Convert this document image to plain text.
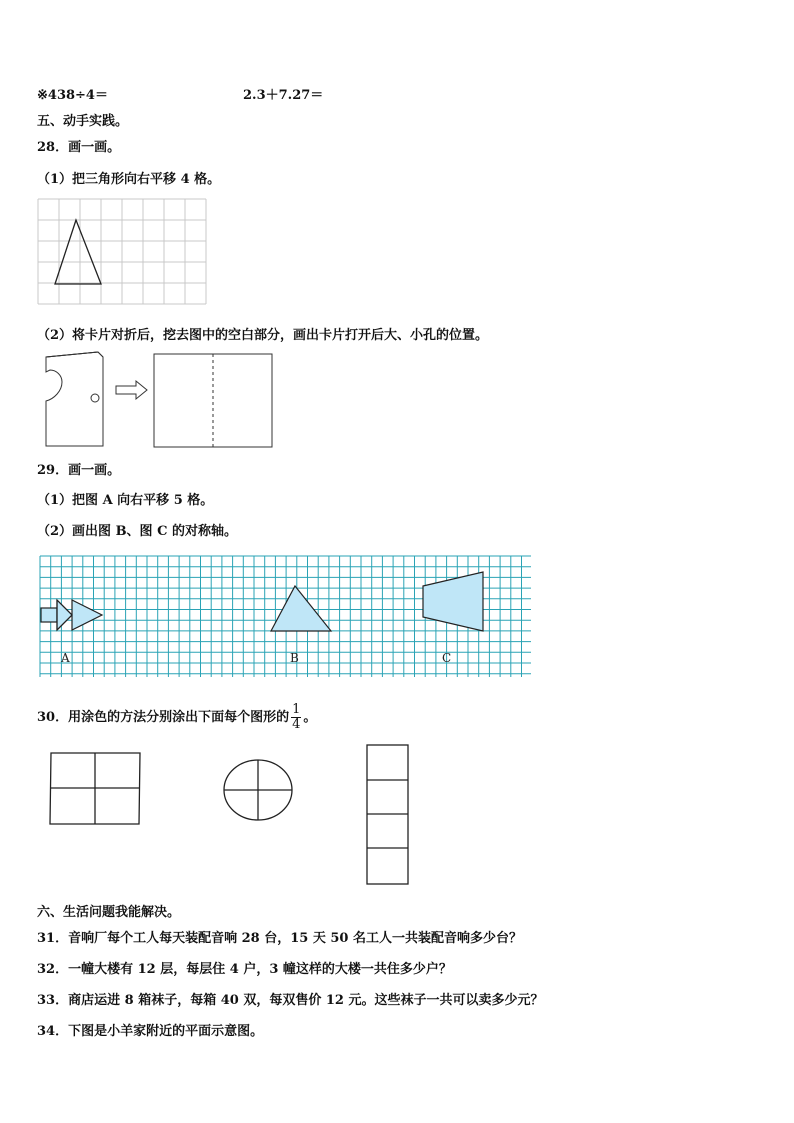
※438÷4＝	2.3＋7.27＝
五、动手实践。
28．画一画。
（1）把三角形向右平移 4 格。
（2）将卡片对折后，挖去图中的空白部分，画出卡片打开后大、小孔的位置。
29．画一画。
（1）把图 A 向右平移 5 格。
（2）画出图 B、图 C 的对称轴。
A	B	C
30．用涂色的方法分别涂出下面每个图形的 $\frac{1}{4}$ 。
六、生活问题我能解决。
31．音响厂每个工人每天装配音响 28 台，15 天 50 名工人一共装配音响多少台？
32．一幢大楼有 12 层，每层住 4 户，3 幢这样的大楼一共住多少户？
33．商店运进 8 箱袜子，每箱 40 双，每双售价 12 元。这些袜子一共可以卖多少元？
34．下图是小羊家附近的平面示意图。
